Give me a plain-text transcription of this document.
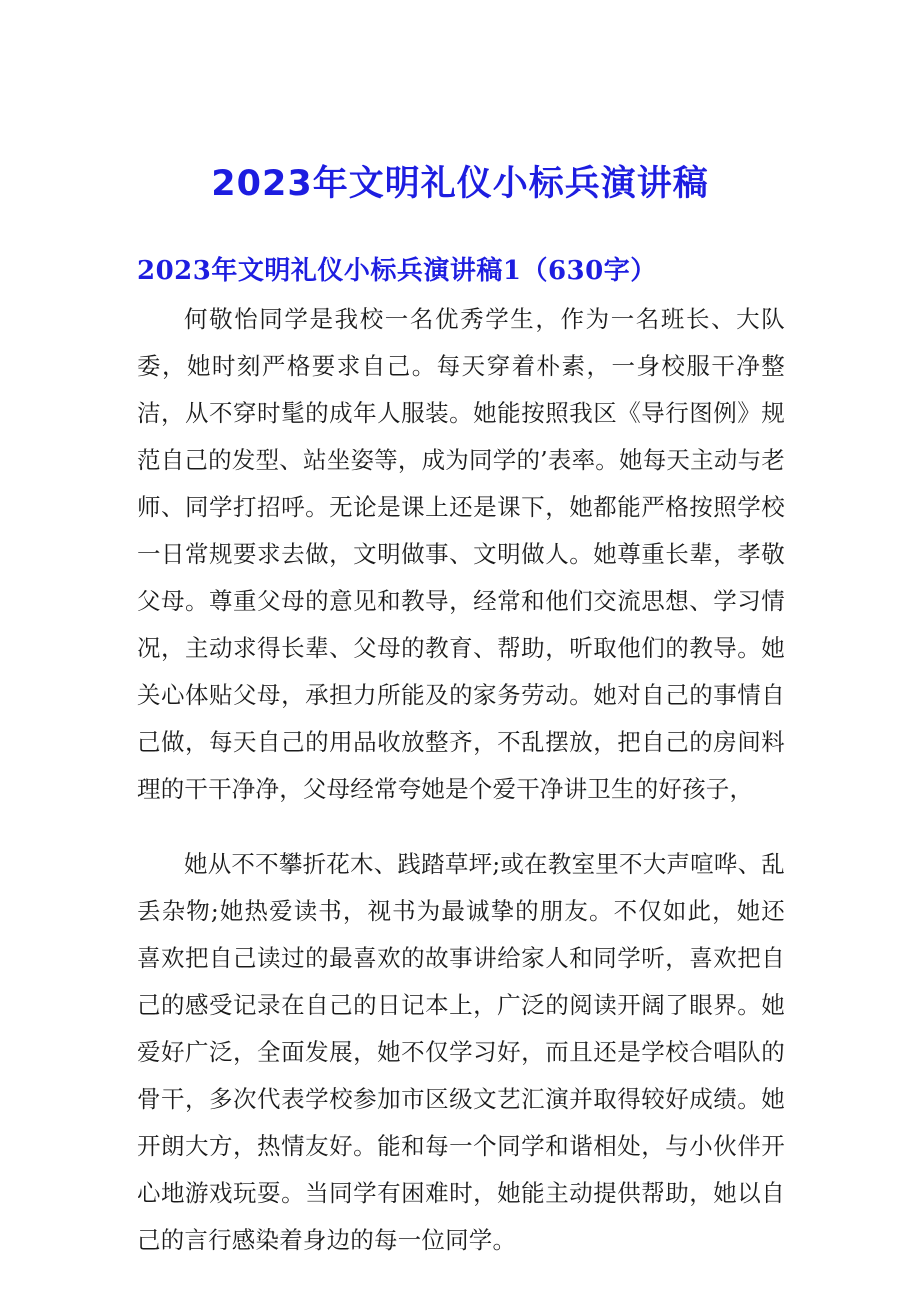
2023年文明礼仪小标兵演讲稿
2023年文明礼仪小标兵演讲稿1（630字）

何敬怡同学是我校一名优秀学生，作为一名班长、大队委，她时刻严格要求自己。每天穿着朴素，一身校服干净整洁，从不穿时髦的成年人服装。她能按照我区《导行图例》规范自己的发型、站坐姿等，成为同学的’表率。她每天主动与老师、同学打招呼。无论是课上还是课下，她都能严格按照学校一日常规要求去做，文明做事、文明做人。她尊重长辈，孝敬父母。尊重父母的意见和教导，经常和他们交流思想、学习情况，主动求得长辈、父母的教育、帮助，听取他们的教导。她关心体贴父母，承担力所能及的家务劳动。她对自己的事情自己做，每天自己的用品收放整齐，不乱摆放，把自己的房间料理的干干净净，父母经常夸她是个爱干净讲卫生的好孩子，

她从不不攀折花木、践踏草坪;或在教室里不大声喧哗、乱丢杂物;她热爱读书，视书为最诚挚的朋友。不仅如此，她还喜欢把自己读过的最喜欢的故事讲给家人和同学听，喜欢把自己的感受记录在自己的日记本上，广泛的阅读开阔了眼界。她爱好广泛，全面发展，她不仅学习好，而且还是学校合唱队的骨干，多次代表学校参加市区级文艺汇演并取得较好成绩。她开朗大方，热情友好。能和每一个同学和谐相处，与小伙伴开心地游戏玩耍。当同学有困难时，她能主动提供帮助，她以自己的言行感染着身边的每一位同学。
